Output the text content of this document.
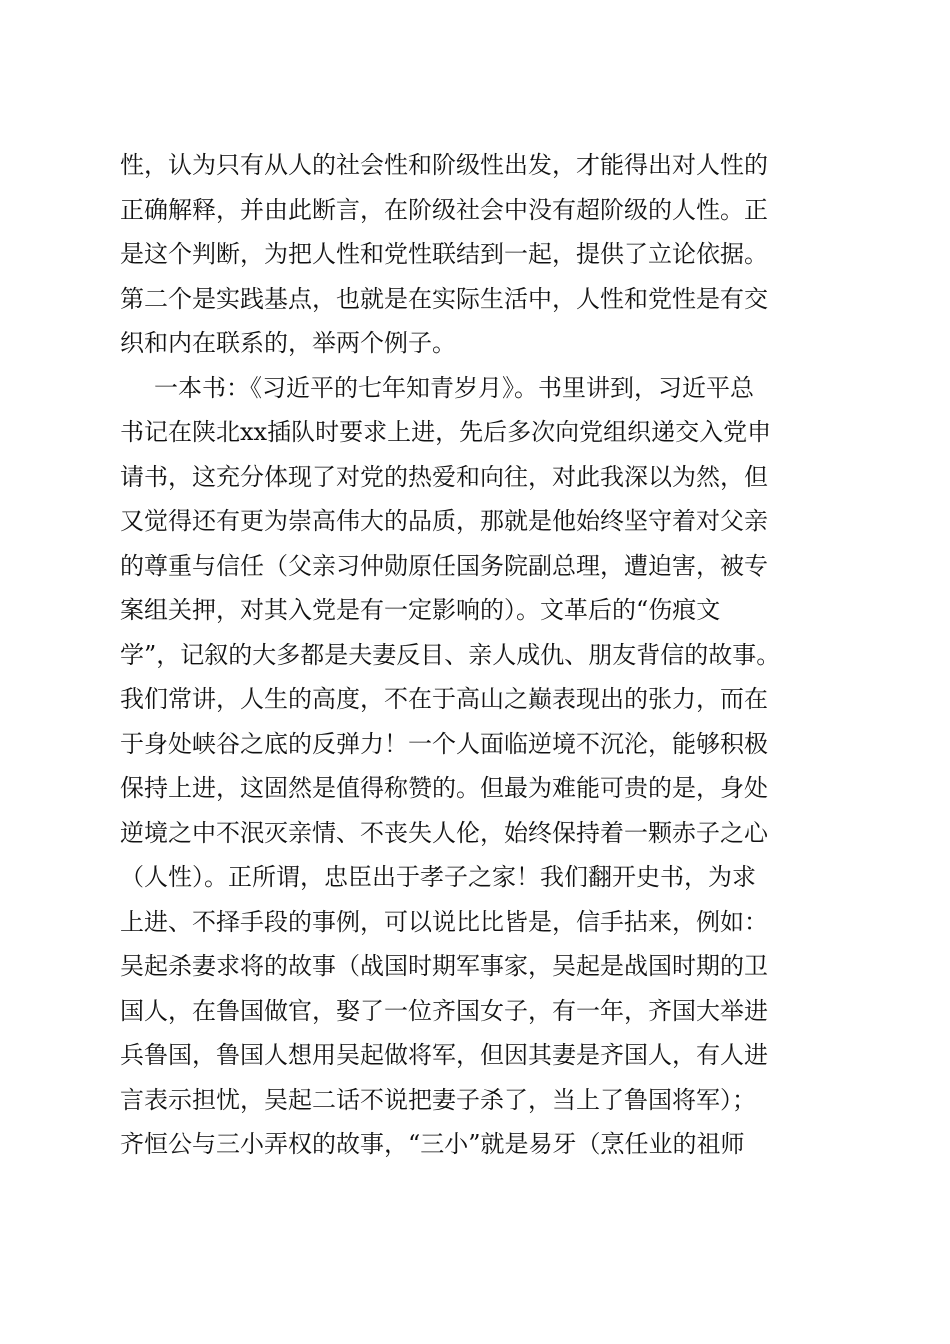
性，认为只有从人的社会性和阶级性出发，才能得出对人性的
正确解释，并由此断言，在阶级社会中没有超阶级的人性。正
是这个判断，为把人性和党性联结到一起，提供了立论依据。
第二个是实践基点，也就是在实际生活中，人性和党性是有交
织和内在联系的，举两个例子。
一本书：《习近平的七年知青岁月》。书里讲到，习近平总
书记在陕北xx插队时要求上进，先后多次向党组织递交入党申
请书，这充分体现了对党的热爱和向往，对此我深以为然，但
又觉得还有更为崇高伟大的品质，那就是他始终坚守着对父亲
的尊重与信任（父亲习仲勋原任国务院副总理，遭迫害，被专
案组关押，对其入党是有一定影响的）。文革后的“伤痕文
学”，记叙的大多都是夫妻反目、亲人成仇、朋友背信的故事。
我们常讲，人生的高度，不在于高山之巅表现出的张力，而在
于身处峡谷之底的反弹力！一个人面临逆境不沉沦，能够积极
保持上进，这固然是值得称赞的。但最为难能可贵的是，身处
逆境之中不泯灭亲情、不丧失人伦，始终保持着一颗赤子之心
（人性）。正所谓，忠臣出于孝子之家！我们翻开史书，为求
上进、不择手段的事例，可以说比比皆是，信手拈来，例如：
吴起杀妻求将的故事（战国时期军事家，吴起是战国时期的卫
国人，在鲁国做官，娶了一位齐国女子，有一年，齐国大举进
兵鲁国，鲁国人想用吴起做将军，但因其妻是齐国人，有人进
言表示担忧，吴起二话不说把妻子杀了，当上了鲁国将军）；
齐恒公与三小弄权的故事，“三小”就是易牙（烹任业的祖师
